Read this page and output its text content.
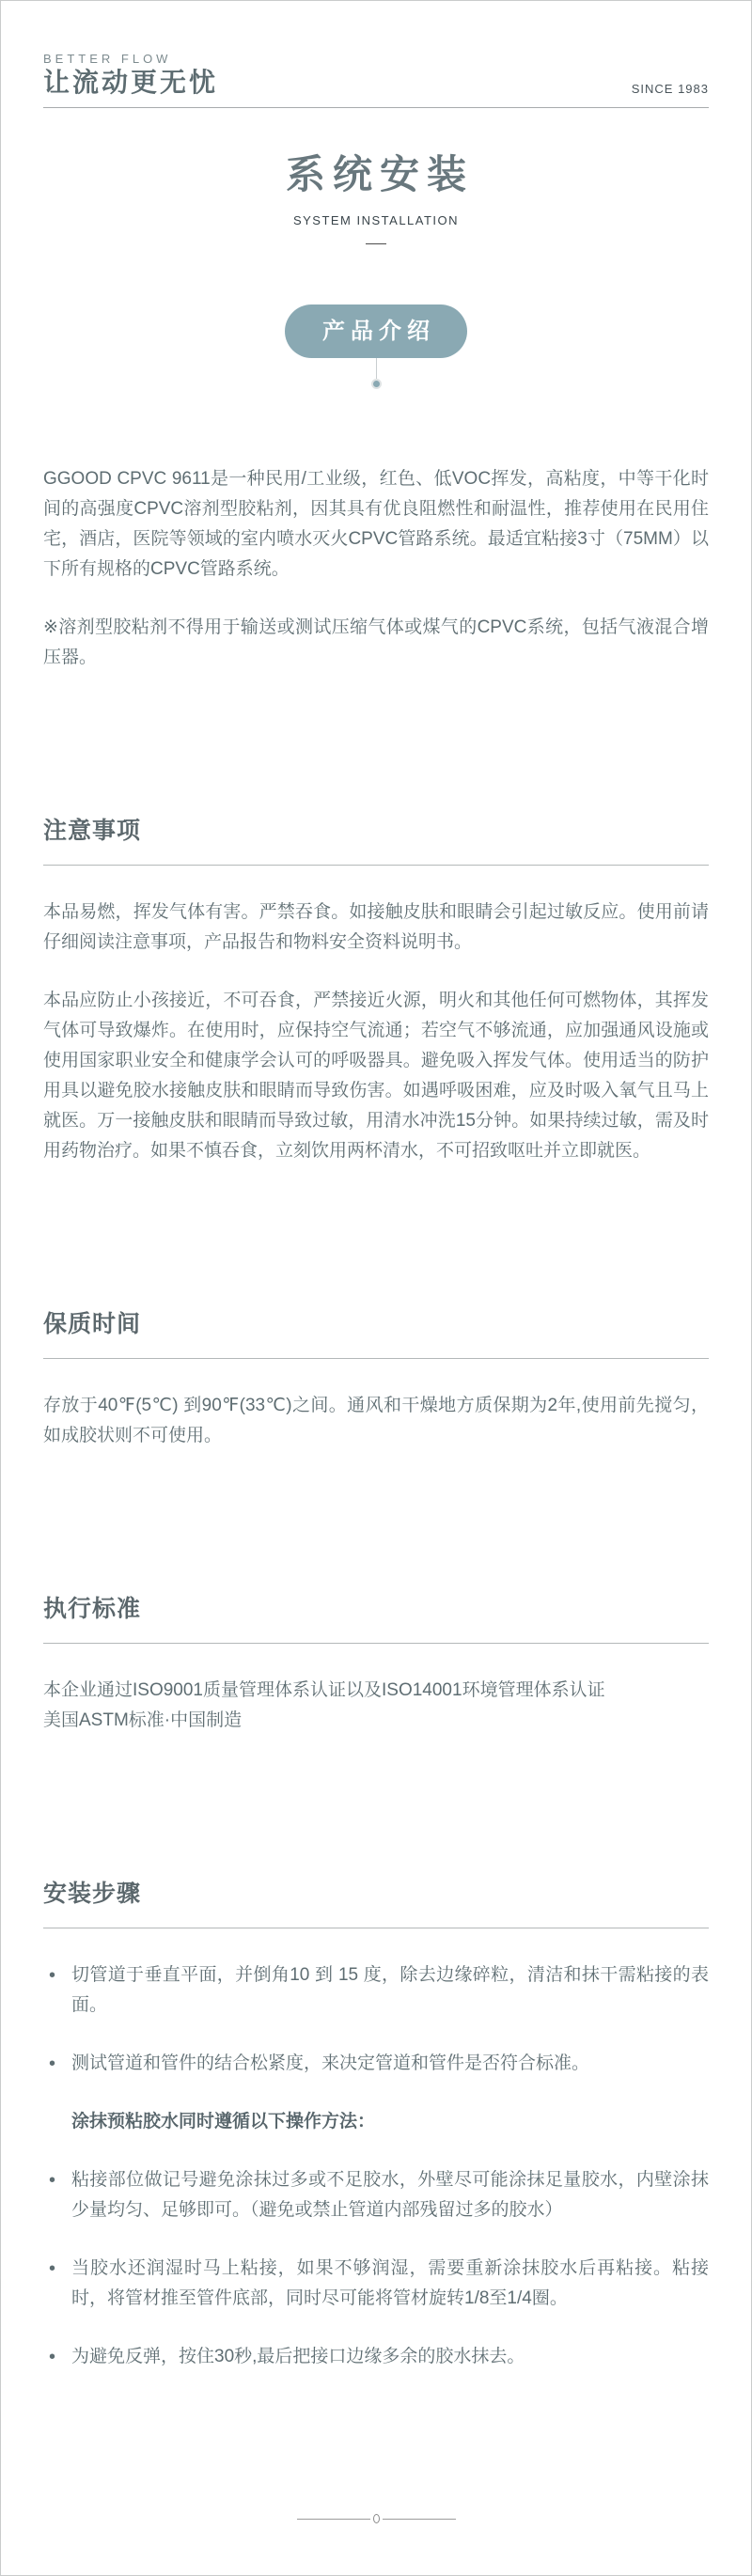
BETTER FLOW
让流动更无忧	SINCE 1983
系统安装
SYSTEM INSTALLATION
产品介绍

GGOOD CPVC 9611是一种民用/工业级，红色、低VOC挥发，高粘度，中等干化时间的高强度CPVC溶剂型胶粘剂，因其具有优良阻燃性和耐温性，推荐使用在民用住宅，酒店，医院等领域的室内喷水灭火CPVC管路系统。最适宜粘接3寸（75MM）以下所有规格的CPVC管路系统。

※溶剂型胶粘剂不得用于输送或测试压缩气体或煤气的CPVC系统，包括气液混合增压器。

注意事项

本品易燃，挥发气体有害。严禁吞食。如接触皮肤和眼睛会引起过敏反应。使用前请仔细阅读注意事项，产品报告和物料安全资料说明书。

本品应防止小孩接近，不可吞食，严禁接近火源，明火和其他任何可燃物体，其挥发气体可导致爆炸。在使用时，应保持空气流通；若空气不够流通，应加强通风设施或使用国家职业安全和健康学会认可的呼吸器具。避免吸入挥发气体。使用适当的防护用具以避免胶水接触皮肤和眼睛而导致伤害。如遇呼吸困难，应及时吸入氧气且马上就医。万一接触皮肤和眼睛而导致过敏，用清水冲洗15分钟。如果持续过敏，需及时用药物治疗。如果不慎吞食，立刻饮用两杯清水，不可招致呕吐并立即就医。

保质时间

存放于40℉(5℃) 到90℉(33℃)之间。通风和干燥地方质保期为2年,使用前先搅匀，如成胶状则不可使用。

执行标准

本企业通过ISO9001质量管理体系认证以及ISO14001环境管理体系认证

美国ASTM标准·中国制造

安装步骤

• 切管道于垂直平面，并倒角10 到 15 度，除去边缘碎粒，清洁和抹干需粘接的表面。

• 测试管道和管件的结合松紧度，来决定管道和管件是否符合标准。

涂抹预粘胶水同时遵循以下操作方法：

• 粘接部位做记号避免涂抹过多或不足胶水，外壁尽可能涂抹足量胶水，内壁涂抹少量均匀、足够即可。（避免或禁止管道内部残留过多的胶水）

• 当胶水还润湿时马上粘接，如果不够润湿，需要重新涂抹胶水后再粘接。粘接时，将管材推至管件底部，同时尽可能将管材旋转1/8至1/4圈。

• 为避免反弹，按住30秒,最后把接口边缘多余的胶水抹去。
